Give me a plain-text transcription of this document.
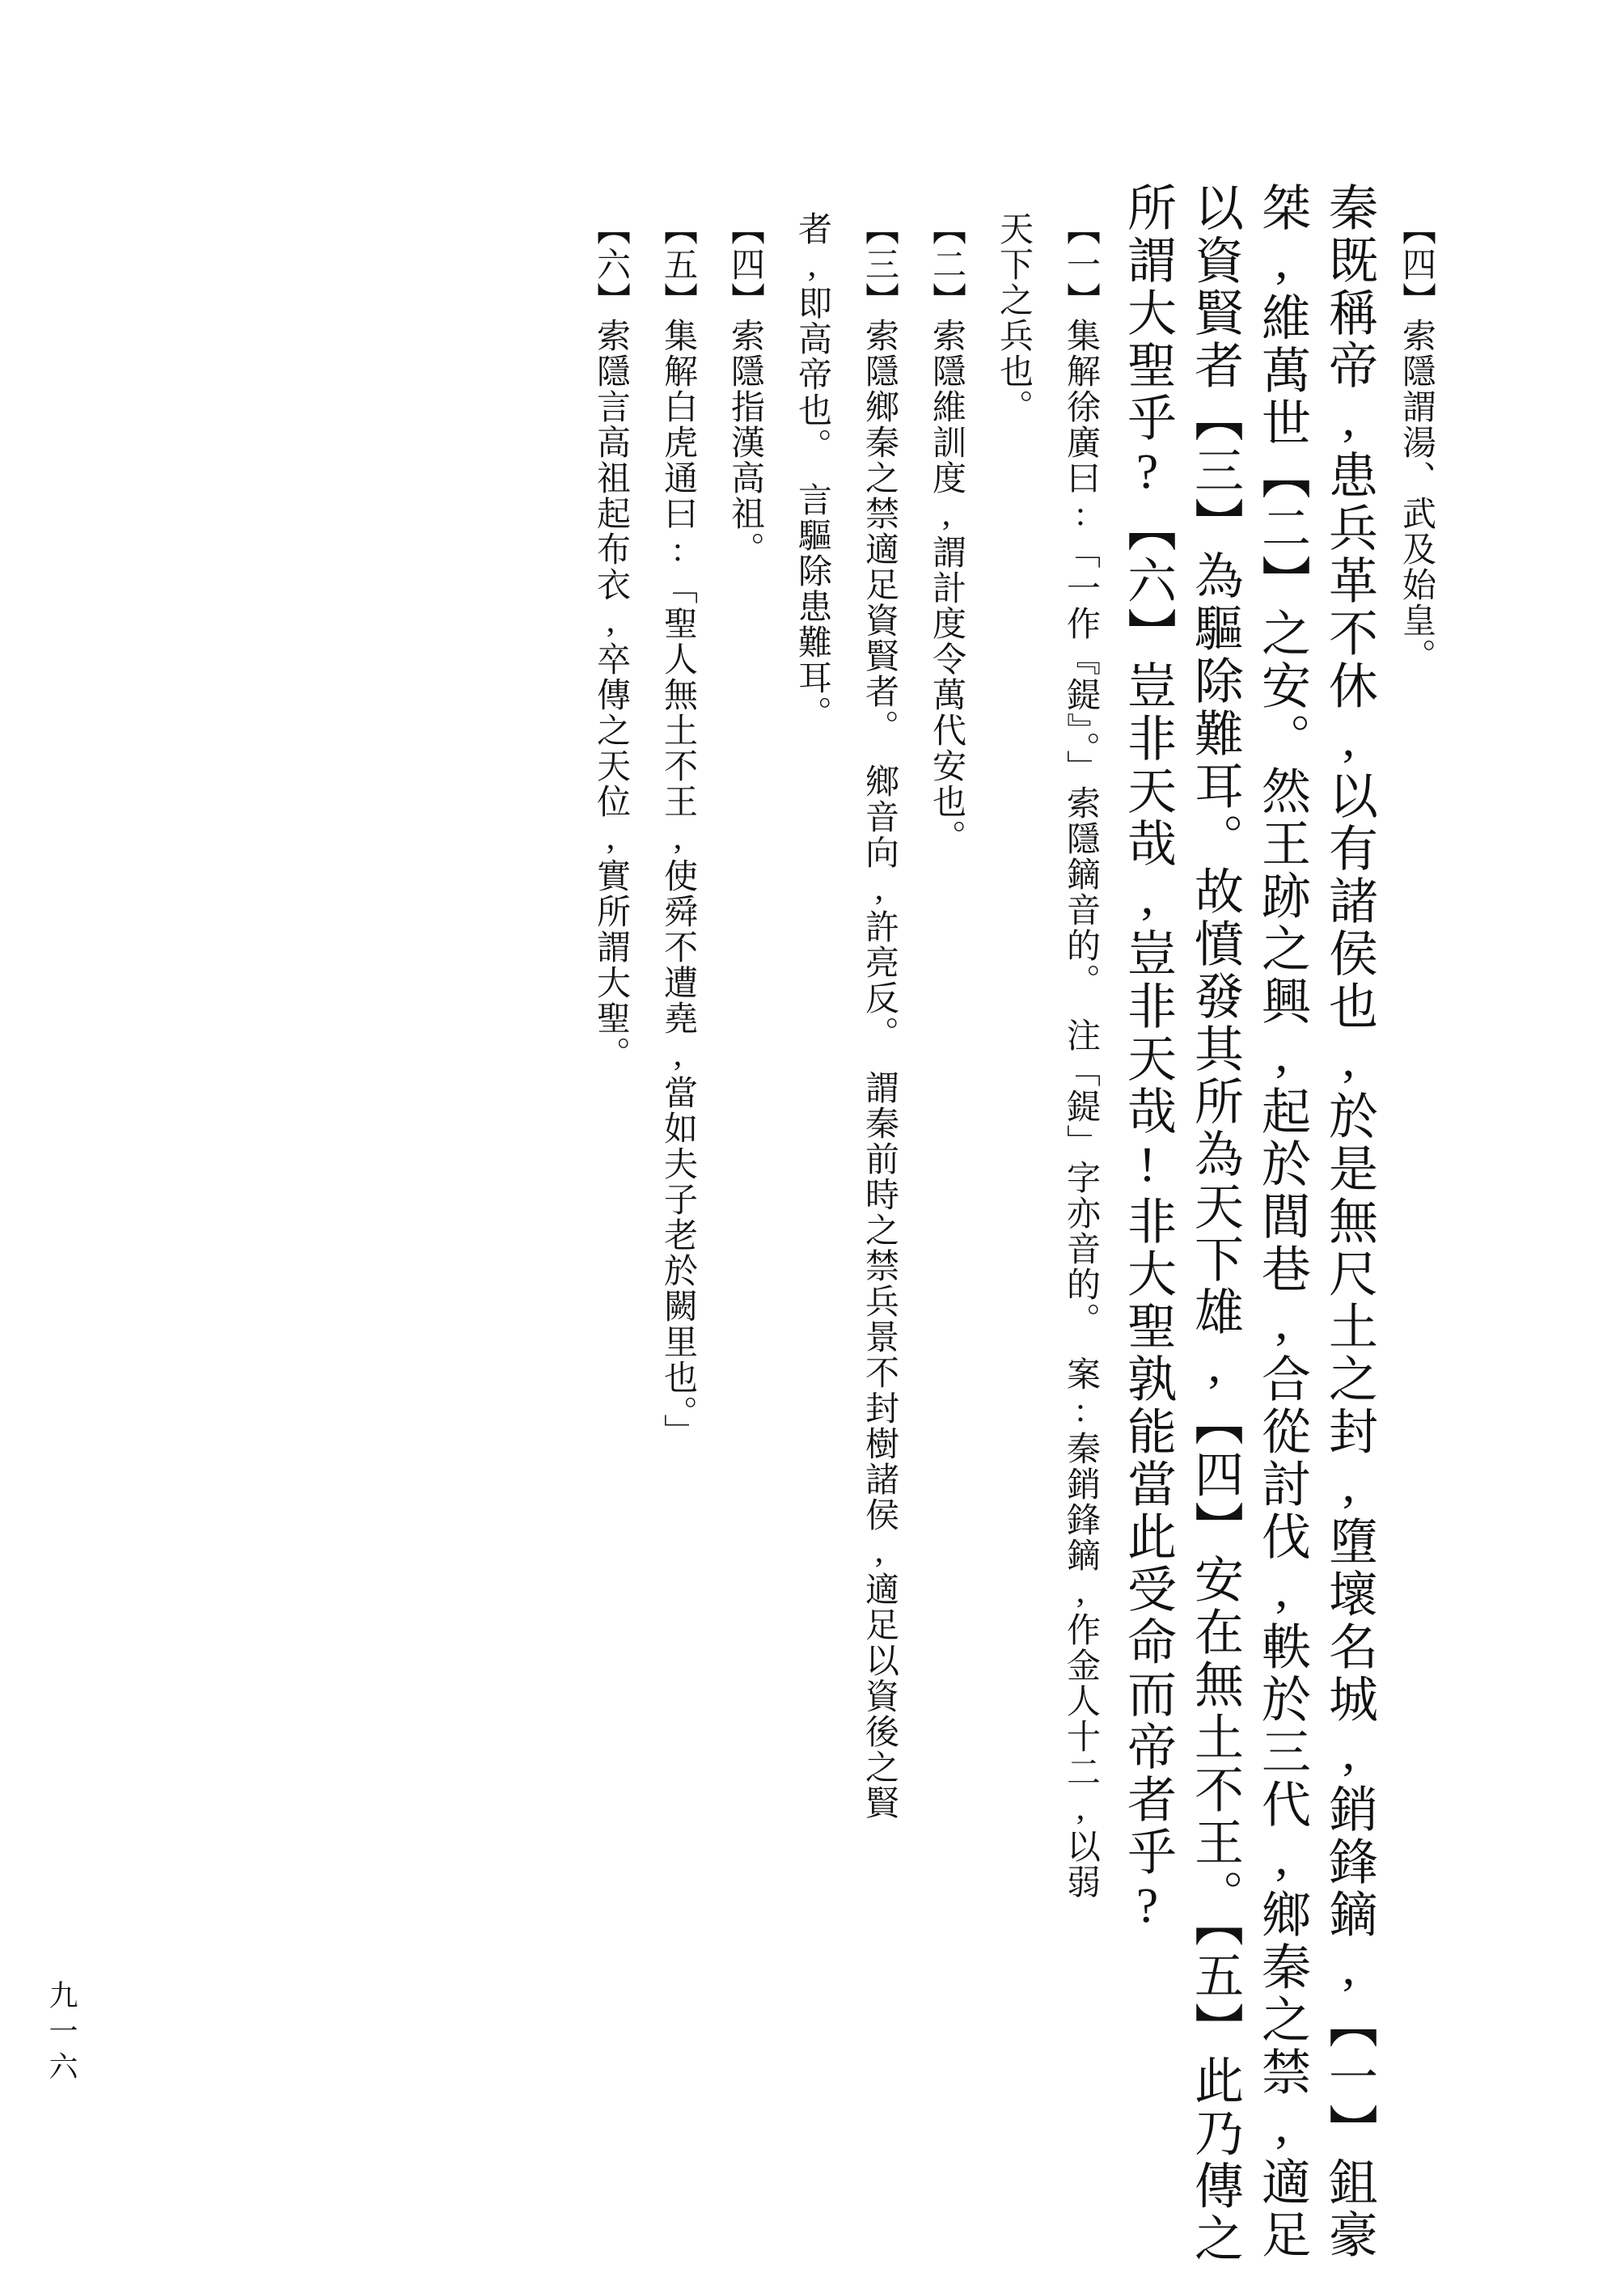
【四】索隱謂湯、武及始皇。
秦既稱帝,患兵革不休,以有諸侯也,於是無尺土之封,墮壞名城,銷鋒鏑,【一】鉏豪
桀,維萬世【二】之安。然王跡之興,起於閭巷,合從討伐,軼於三代,鄉秦之禁,適足
以資賢者【三】為驅除難耳。故憤發其所為天下雄,【四】安在無土不王。【五】此乃傳之
所謂大聖乎?【六】豈非天哉,豈非天哉!非大聖孰能當此受命而帝者乎?
【一】集解徐廣曰:「一作『鍉』。」索隱鏑音的。　注「鍉」字亦音的。　案:秦銷鋒鏑,作金人十二,以弱
天下之兵也。
【二】索隱維訓度,謂計度令萬代安也。
【三】索隱鄉秦之禁適足資賢者。　鄉音向,許亮反。　謂秦前時之禁兵景不封樹諸侯,適足以資後之賢
者,即高帝也。　言驅除患難耳。
【四】索隱指漢高祖。
【五】集解白虎通曰:「聖人無土不王,使舜不遭堯,當如夫子老於闕里也。」
【六】索隱言高祖起布衣,卒傳之天位,實所謂大聖。
九一六
